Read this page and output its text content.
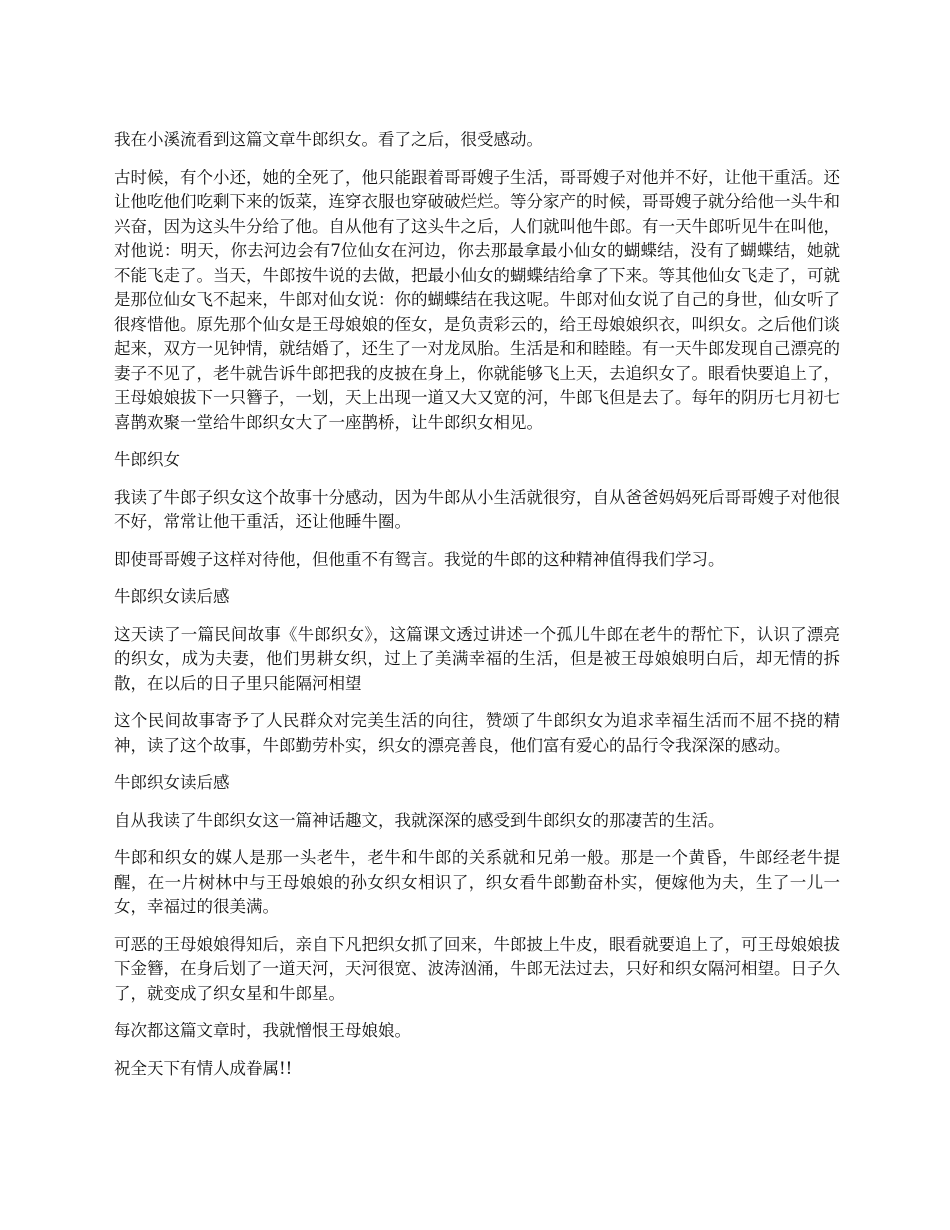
我在小溪流看到这篇文章牛郎织女。看了之后，很受感动。

古时候，有个小还，她的全死了，他只能跟着哥哥嫂子生活，哥哥嫂子对他并不好，让他干重活。还让他吃他们吃剩下来的饭菜，连穿衣服也穿破破烂烂。等分家产的时候，哥哥嫂子就分给他一头牛和兴奋，因为这头牛分给了他。自从他有了这头牛之后，人们就叫他牛郎。有一天牛郎听见牛在叫他，对他说：明天，你去河边会有7位仙女在河边，你去那最拿最小仙女的蝴蝶结，没有了蝴蝶结，她就不能飞走了。当天，牛郎按牛说的去做，把最小仙女的蝴蝶结给拿了下来。等其他仙女飞走了，可就是那位仙女飞不起来，牛郎对仙女说：你的蝴蝶结在我这呢。牛郎对仙女说了自己的身世，仙女听了很疼惜他。原先那个仙女是王母娘娘的侄女，是负责彩云的，给王母娘娘织衣，叫织女。之后他们谈起来，双方一见钟情，就结婚了，还生了一对龙凤胎。生活是和和睦睦。有一天牛郎发现自己漂亮的妻子不见了，老牛就告诉牛郎把我的皮披在身上，你就能够飞上天，去追织女了。眼看快要追上了，王母娘娘拔下一只簪子，一划，天上出现一道又大又宽的河，牛郎飞但是去了。每年的阴历七月初七喜鹊欢聚一堂给牛郎织女大了一座鹊桥，让牛郎织女相见。

牛郎织女

我读了牛郎子织女这个故事十分感动，因为牛郎从小生活就很穷，自从爸爸妈妈死后哥哥嫂子对他很不好，常常让他干重活，还让他睡牛圈。

即使哥哥嫂子这样对待他，但他重不有鸳言。我觉的牛郎的这种精神值得我们学习。

牛郎织女读后感

这天读了一篇民间故事《牛郎织女》，这篇课文透过讲述一个孤儿牛郎在老牛的帮忙下，认识了漂亮的织女，成为夫妻，他们男耕女织，过上了美满幸福的生活，但是被王母娘娘明白后，却无情的拆散，在以后的日子里只能隔河相望

这个民间故事寄予了人民群众对完美生活的向往，赞颂了牛郎织女为追求幸福生活而不屈不挠的精神，读了这个故事，牛郎勤劳朴实，织女的漂亮善良，他们富有爱心的品行令我深深的感动。

牛郎织女读后感

自从我读了牛郎织女这一篇神话趣文，我就深深的感受到牛郎织女的那凄苦的生活。

牛郎和织女的媒人是那一头老牛，老牛和牛郎的关系就和兄弟一般。那是一个黄昏，牛郎经老牛提醒，在一片树林中与王母娘娘的孙女织女相识了，织女看牛郎勤奋朴实，便嫁他为夫，生了一儿一女，幸福过的很美满。

可恶的王母娘娘得知后，亲自下凡把织女抓了回来，牛郎披上牛皮，眼看就要追上了，可王母娘娘拔下金簪，在身后划了一道天河，天河很宽、波涛汹涌，牛郎无法过去，只好和织女隔河相望。日子久了，就变成了织女星和牛郎星。

每次都这篇文章时，我就憎恨王母娘娘。

祝全天下有情人成眷属!!
